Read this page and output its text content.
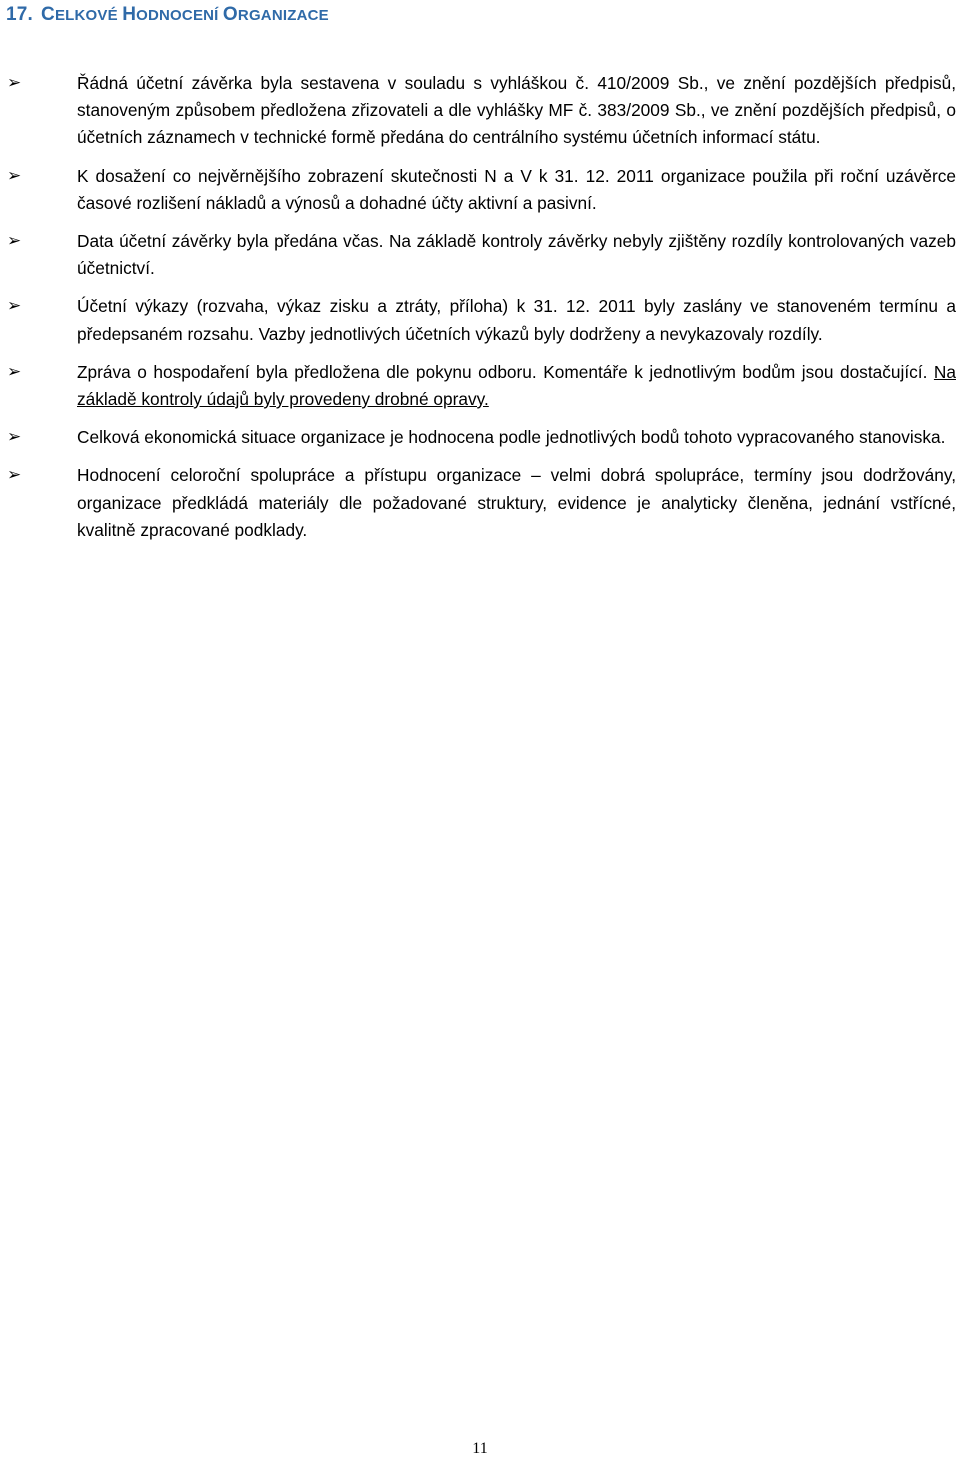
17. CELKOVÉ HODNOCENÍ ORGANIZACE
➢	Řádná účetní závěrka byla sestavena v souladu s vyhláškou č. 410/2009 Sb., ve znění pozdějších předpisů, stanoveným způsobem předložena zřizovateli a dle vyhlášky MF č. 383/2009 Sb., ve znění pozdějších předpisů, o účetních záznamech v technické formě předána do centrálního systému účetních informací státu.
➢	K dosažení co nejvěrnějšího zobrazení skutečnosti N a V k 31. 12. 2011 organizace použila při roční uzávěrce časové rozlišení nákladů a výnosů a dohadné účty aktivní a pasivní.
➢	Data účetní závěrky byla předána včas. Na základě kontroly závěrky nebyly zjištěny rozdíly kontrolovaných vazeb účetnictví.
➢	Účetní výkazy (rozvaha, výkaz zisku a ztráty, příloha) k 31. 12. 2011 byly zaslány ve stanoveném termínu a předepsaném rozsahu. Vazby jednotlivých účetních výkazů byly dodrženy a nevykazovaly rozdíly.
➢	Zpráva o hospodaření byla předložena dle pokynu odboru. Komentáře k jednotlivým bodům jsou dostačující. Na základě kontroly údajů byly provedeny drobné opravy.
➢	Celková ekonomická situace organizace je hodnocena podle jednotlivých bodů tohoto vypracovaného stanoviska.
➢	Hodnocení celoroční spolupráce a přístupu organizace – velmi dobrá spolupráce, termíny jsou dodržovány, organizace předkládá materiály dle požadované struktury, evidence je analyticky členěna, jednání vstřícné, kvalitně zpracované podklady.
11
